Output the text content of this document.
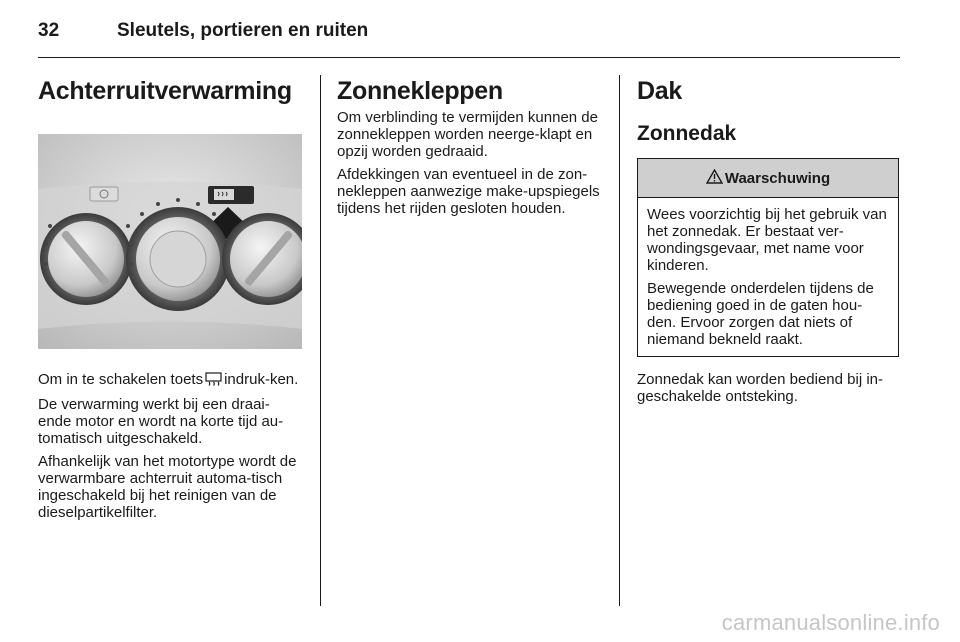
32	Sleutels, portieren en ruiten
Achterruitverwarming

Om in te schakelen toets indruk-ken.

De verwarming werkt bij een draai-ende motor en wordt na korte tijd au-tomatisch uitgeschakeld.

Afhankelijk van het motortype wordt de verwarmbare achterruit automa-tisch ingeschakeld bij het reinigen van de dieselpartikelfilter.

Zonnekleppen

Om verblinding te vermijden kunnen de zonnekleppen worden neerge-klapt en opzij worden gedraaid.

Afdekkingen van eventueel in de zon-nekleppen aanwezige make-upspiegels tijdens het rijden gesloten houden.

Dak
Zonnedak
Waarschuwing

Wees voorzichtig bij het gebruik van het zonnedak. Er bestaat ver-wondingsgevaar, met name voor kinderen.

Bewegende onderdelen tijdens de bediening goed in de gaten hou-den. Ervoor zorgen dat niets of niemand bekneld raakt.

Zonnedak kan worden bediend bij in-geschakelde ontsteking.

carmanualsonline.info
